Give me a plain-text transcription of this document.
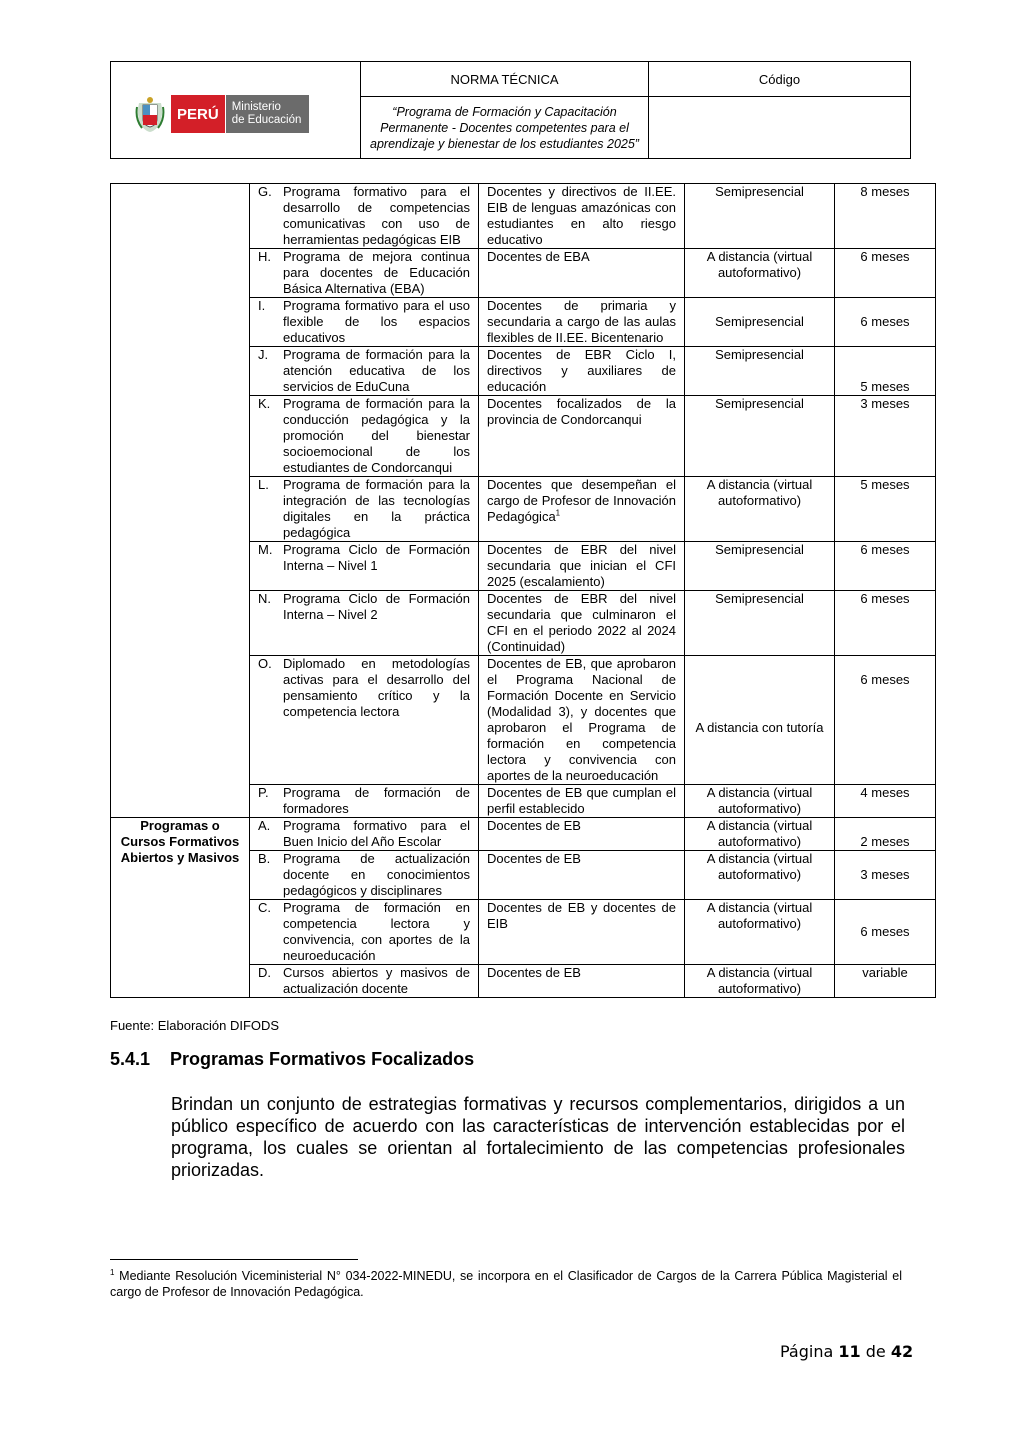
PERÚ	Ministerio
de Educación
NORMA TÉCNICA
“Programa de Formación y Capacitación Permanente - Docentes competentes para el aprendizaje y bienestar de los estudiantes 2025”
Código

	G. Programa formativo para el desarrollo de competencias comunicativas con uso de herramientas pedagógicas EIB	Docentes y directivos de II.EE. EIB de lenguas amazónicas con estudiantes en alto riesgo educativo	Semipresencial	8 meses

	H. Programa de mejora continua para docentes de Educación Básica Alternativa (EBA)	Docentes de EBA	A distancia (virtual autoformativo)	6 meses

	I. Programa formativo para el uso flexible de los espacios educativos	Docentes de primaria y secundaria a cargo de las aulas flexibles de II.EE. Bicentenario	Semipresencial	6 meses

	J. Programa de formación para la atención educativa de los servicios de EduCuna	Docentes de EBR Ciclo I, directivos y auxiliares de educación	Semipresencial	5 meses

	K. Programa de formación para la conducción pedagógica y la promoción del bienestar socioemocional de los estudiantes de Condorcanqui	Docentes focalizados de la provincia de Condorcanqui	Semipresencial	3 meses

	L. Programa de formación para la integración de las tecnologías digitales en la práctica pedagógica	Docentes que desempeñan el cargo de Profesor de Innovación Pedagógica$^1$	A distancia (virtual autoformativo)	5 meses

	M. Programa Ciclo de Formación Interna – Nivel 1	Docentes de EBR del nivel secundaria que inician el CFI 2025 (escalamiento)	Semipresencial	6 meses

	N. Programa Ciclo de Formación Interna – Nivel 2	Docentes de EBR del nivel secundaria que culminaron el CFI en el periodo 2022 al 2024 (Continuidad)	Semipresencial	6 meses

	O. Diplomado en metodologías activas para el desarrollo del pensamiento crítico y la competencia lectora	Docentes de EB, que aprobaron el Programa Nacional de Formación Docente en Servicio (Modalidad 3), y docentes que aprobaron el Programa de formación en competencia lectora y convivencia con aportes de la neuroeducación	A distancia con tutoría	6 meses

	P. Programa de formación de formadores	Docentes de EB que cumplan el perfil establecido	A distancia (virtual autoformativo)	4 meses
Programas o Cursos Formativos Abiertos y Masivos	A. Programa formativo para el Buen Inicio del Año Escolar	Docentes de EB	A distancia (virtual autoformativo)	2 meses

	B. Programa de actualización docente en conocimientos pedagógicos y disciplinares	Docentes de EB	A distancia (virtual autoformativo)	3 meses

	C. Programa de formación en competencia lectora y convivencia, con aportes de la neuroeducación	Docentes de EB y docentes de EIB	A distancia (virtual autoformativo)	6 meses

	D. Cursos abiertos y masivos de actualización docente	Docentes de EB	A distancia (virtual autoformativo)	variable
Fuente: Elaboración DIFODS
5.4.1 Programas Formativos Focalizados
Brindan un conjunto de estrategias formativas y recursos complementarios, dirigidos a un público específico de acuerdo con las características de intervención establecidas por el programa, los cuales se orientan al fortalecimiento de las competencias profesionales priorizadas.
$^1$ Mediante Resolución Viceministerial N° 034-2022-MINEDU, se incorpora en el Clasificador de Cargos de la Carrera Pública Magisterial el cargo de Profesor de Innovación Pedagógica.
Página 11 de 42
